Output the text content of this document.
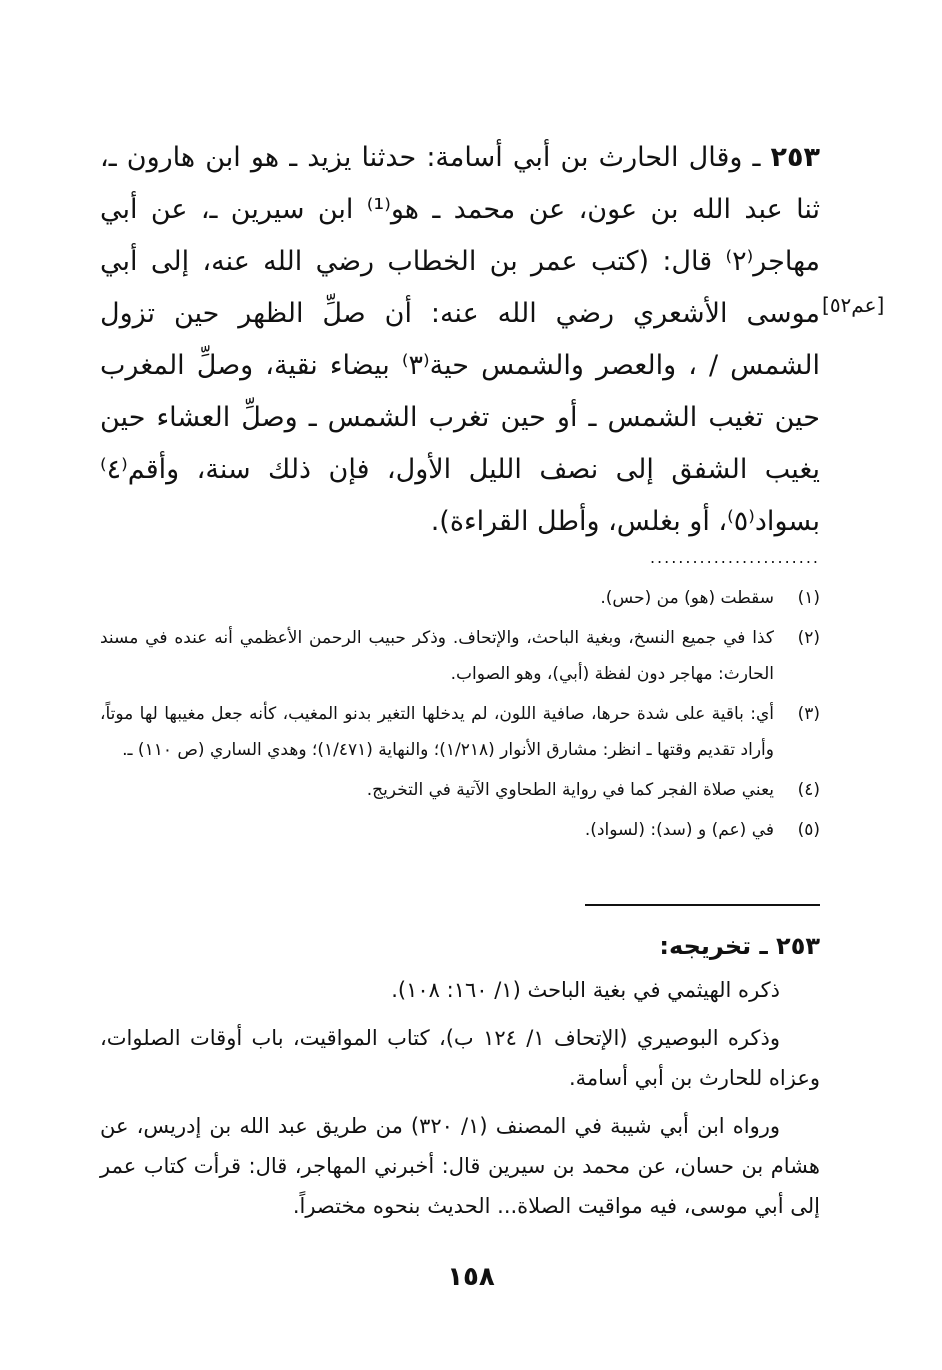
٢٥٣ ـ وقال الحارث بن أبي أسامة: حدثنا يزيد ـ هو ابن هارون ـ، ثنا عبد الله بن عون، عن محمد ـ هو⁽¹⁾ ابن سيرين ـ، عن أبي مهاجر⁽٢⁾ قال: (كتب عمر بن الخطاب رضي الله عنه، إلى أبي موسى الأشعري رضي الله عنه: أن صلِّ الظهر حين تزول الشمس / ، والعصر والشمس حية⁽٣⁾ بيضاء نقية، وصلِّ المغرب حين تغيب الشمس ـ أو حين تغرب الشمس ـ وصلِّ العشاء حين يغيب الشفق إلى نصف الليل الأول، فإن ذلك سنة، وأقم⁽٤⁾ بسواد⁽٥⁾، أو بغلس، وأطل القراءة).
[عم٥٢]
........................
(١)
سقطت (هو) من (حس).
(٢)
كذا في جميع النسخ، وبغية الباحث، والإتحاف. وذكر حبيب الرحمن الأعظمي أنه عنده في مسند الحارث: مهاجر دون لفظة (أبي)، وهو الصواب.
(٣)
أي: باقية على شدة حرها، صافية اللون، لم يدخلها التغير بدنو المغيب، كأنه جعل مغيبها لها موتاً، وأراد تقديم وقتها ـ انظر: مشارق الأنوار (١/٢١٨)؛ والنهاية (١/٤٧١)؛ وهدي الساري (ص ١١٠) ـ.
(٤)
يعني صلاة الفجر كما في رواية الطحاوي الآتية في التخريج.
(٥)
في (عم) و (سد): (لسواد).
٢٥٣ ـ تخريجه:

ذكره الهيثمي في بغية الباحث (١/ ١٦٠: ١٠٨).

وذكره البوصيري (الإتحاف ١/ ١٢٤ ب)، كتاب المواقيت، باب أوقات الصلوات، وعزاه للحارث بن أبي أسامة.

ورواه ابن أبي شيبة في المصنف (١/ ٣٢٠) من طريق عبد الله بن إدريس، عن هشام بن حسان، عن محمد بن سيرين قال: أخبرني المهاجر، قال: قرأت كتاب عمر إلى أبي موسى، فيه مواقيت الصلاة... الحديث بنحوه مختصراً.

١٥٨
